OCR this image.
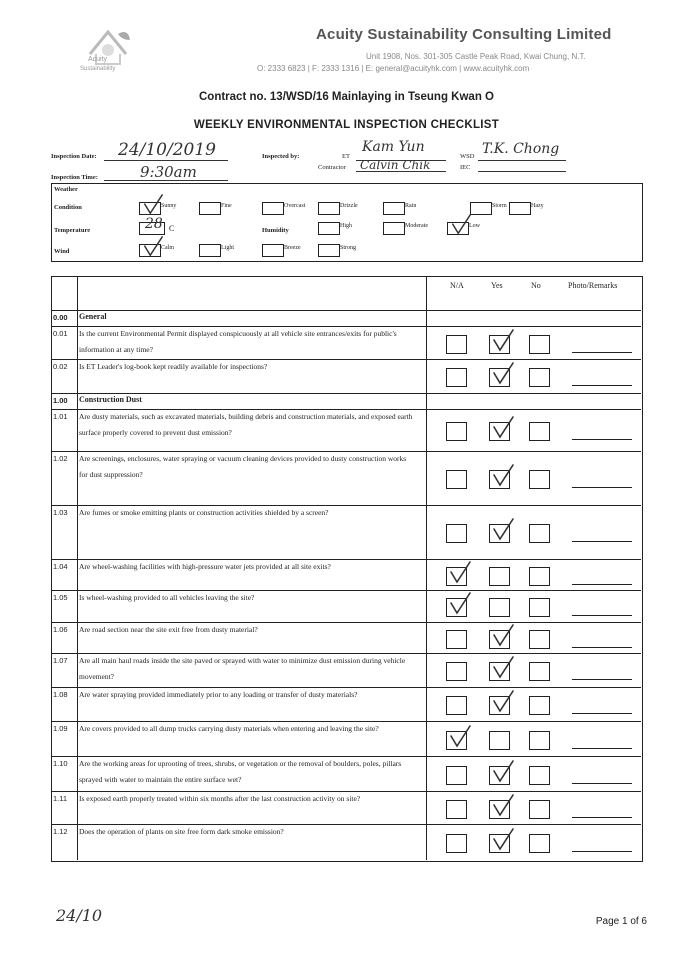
Acuity
Sustainability
Acuity Sustainability Consulting Limited
Unit 1908, Nos. 301-305 Castle Peak Road, Kwai Chung, N.T.
O: 2333 6823 | F: 2333 1316 | E: general@acuityhk.com | www.acuityhk.com
Contract no. 13/WSD/16 Mainlaying in Tseung Kwan O
WEEKLY ENVIRONMENTAL INSPECTION CHECKLIST
Inspection Date: 24/10/2019
Inspection Time:	9:30am
Inspected by:	ET
Kam Yun
Contractor Calvin Chik
WSD T.K. Chong
IEC
Weather
Condition	Sunny	Fine	Overcast	Drizzle	Rain	Storm	Hazy
Temperature	28 C	Humidity
High	Moderate	Low
Wind	Calm	Light	Breeze	Strong
N/A	Yes	No	Photo/Remarks
0.00 General
0.01 Is the current Environmental Permit displayed conspicuously at all vehicle site entrances/exits for public's information at any time?
0.02 Is ET Leader's log-book kept readily available for inspections?
1.00 Construction Dust
1.01 Are dusty materials, such as excavated materials, building debris and construction materials, and exposed earth surface properly covered to prevent dust emission?
1.02 Are screenings, enclosures, water spraying or vacuum cleaning devices provided to dusty construction works for dust suppression?
1.03 Are fumes or smoke emitting plants or construction activities shielded by a screen?
1.04 Are wheel-washing facilities with high-pressure water jets provided at all site exits?
1.05 Is wheel-washing provided to all vehicles leaving the site?
1.06 Are road section near the site exit free from dusty material?
1.07 Are all main haul roads inside the site paved or sprayed with water to minimize dust emission during vehicle movement?
1.08 Are water spraying provided immediately prior to any loading or transfer of dusty materials?
1.09 Are covers provided to all dump trucks carrying dusty materials when entering and leaving the site?
1.10 Are the working areas for uprooting of trees, shrubs, or vegetation or the removal of boulders, poles, pillars sprayed with water to maintain the entire surface wet?
1.11 Is exposed earth properly treated within six months after the last construction activity on site?
1.12 Does the operation of plants on site free form dark smoke emission?
24/10	Page 1 of 6
